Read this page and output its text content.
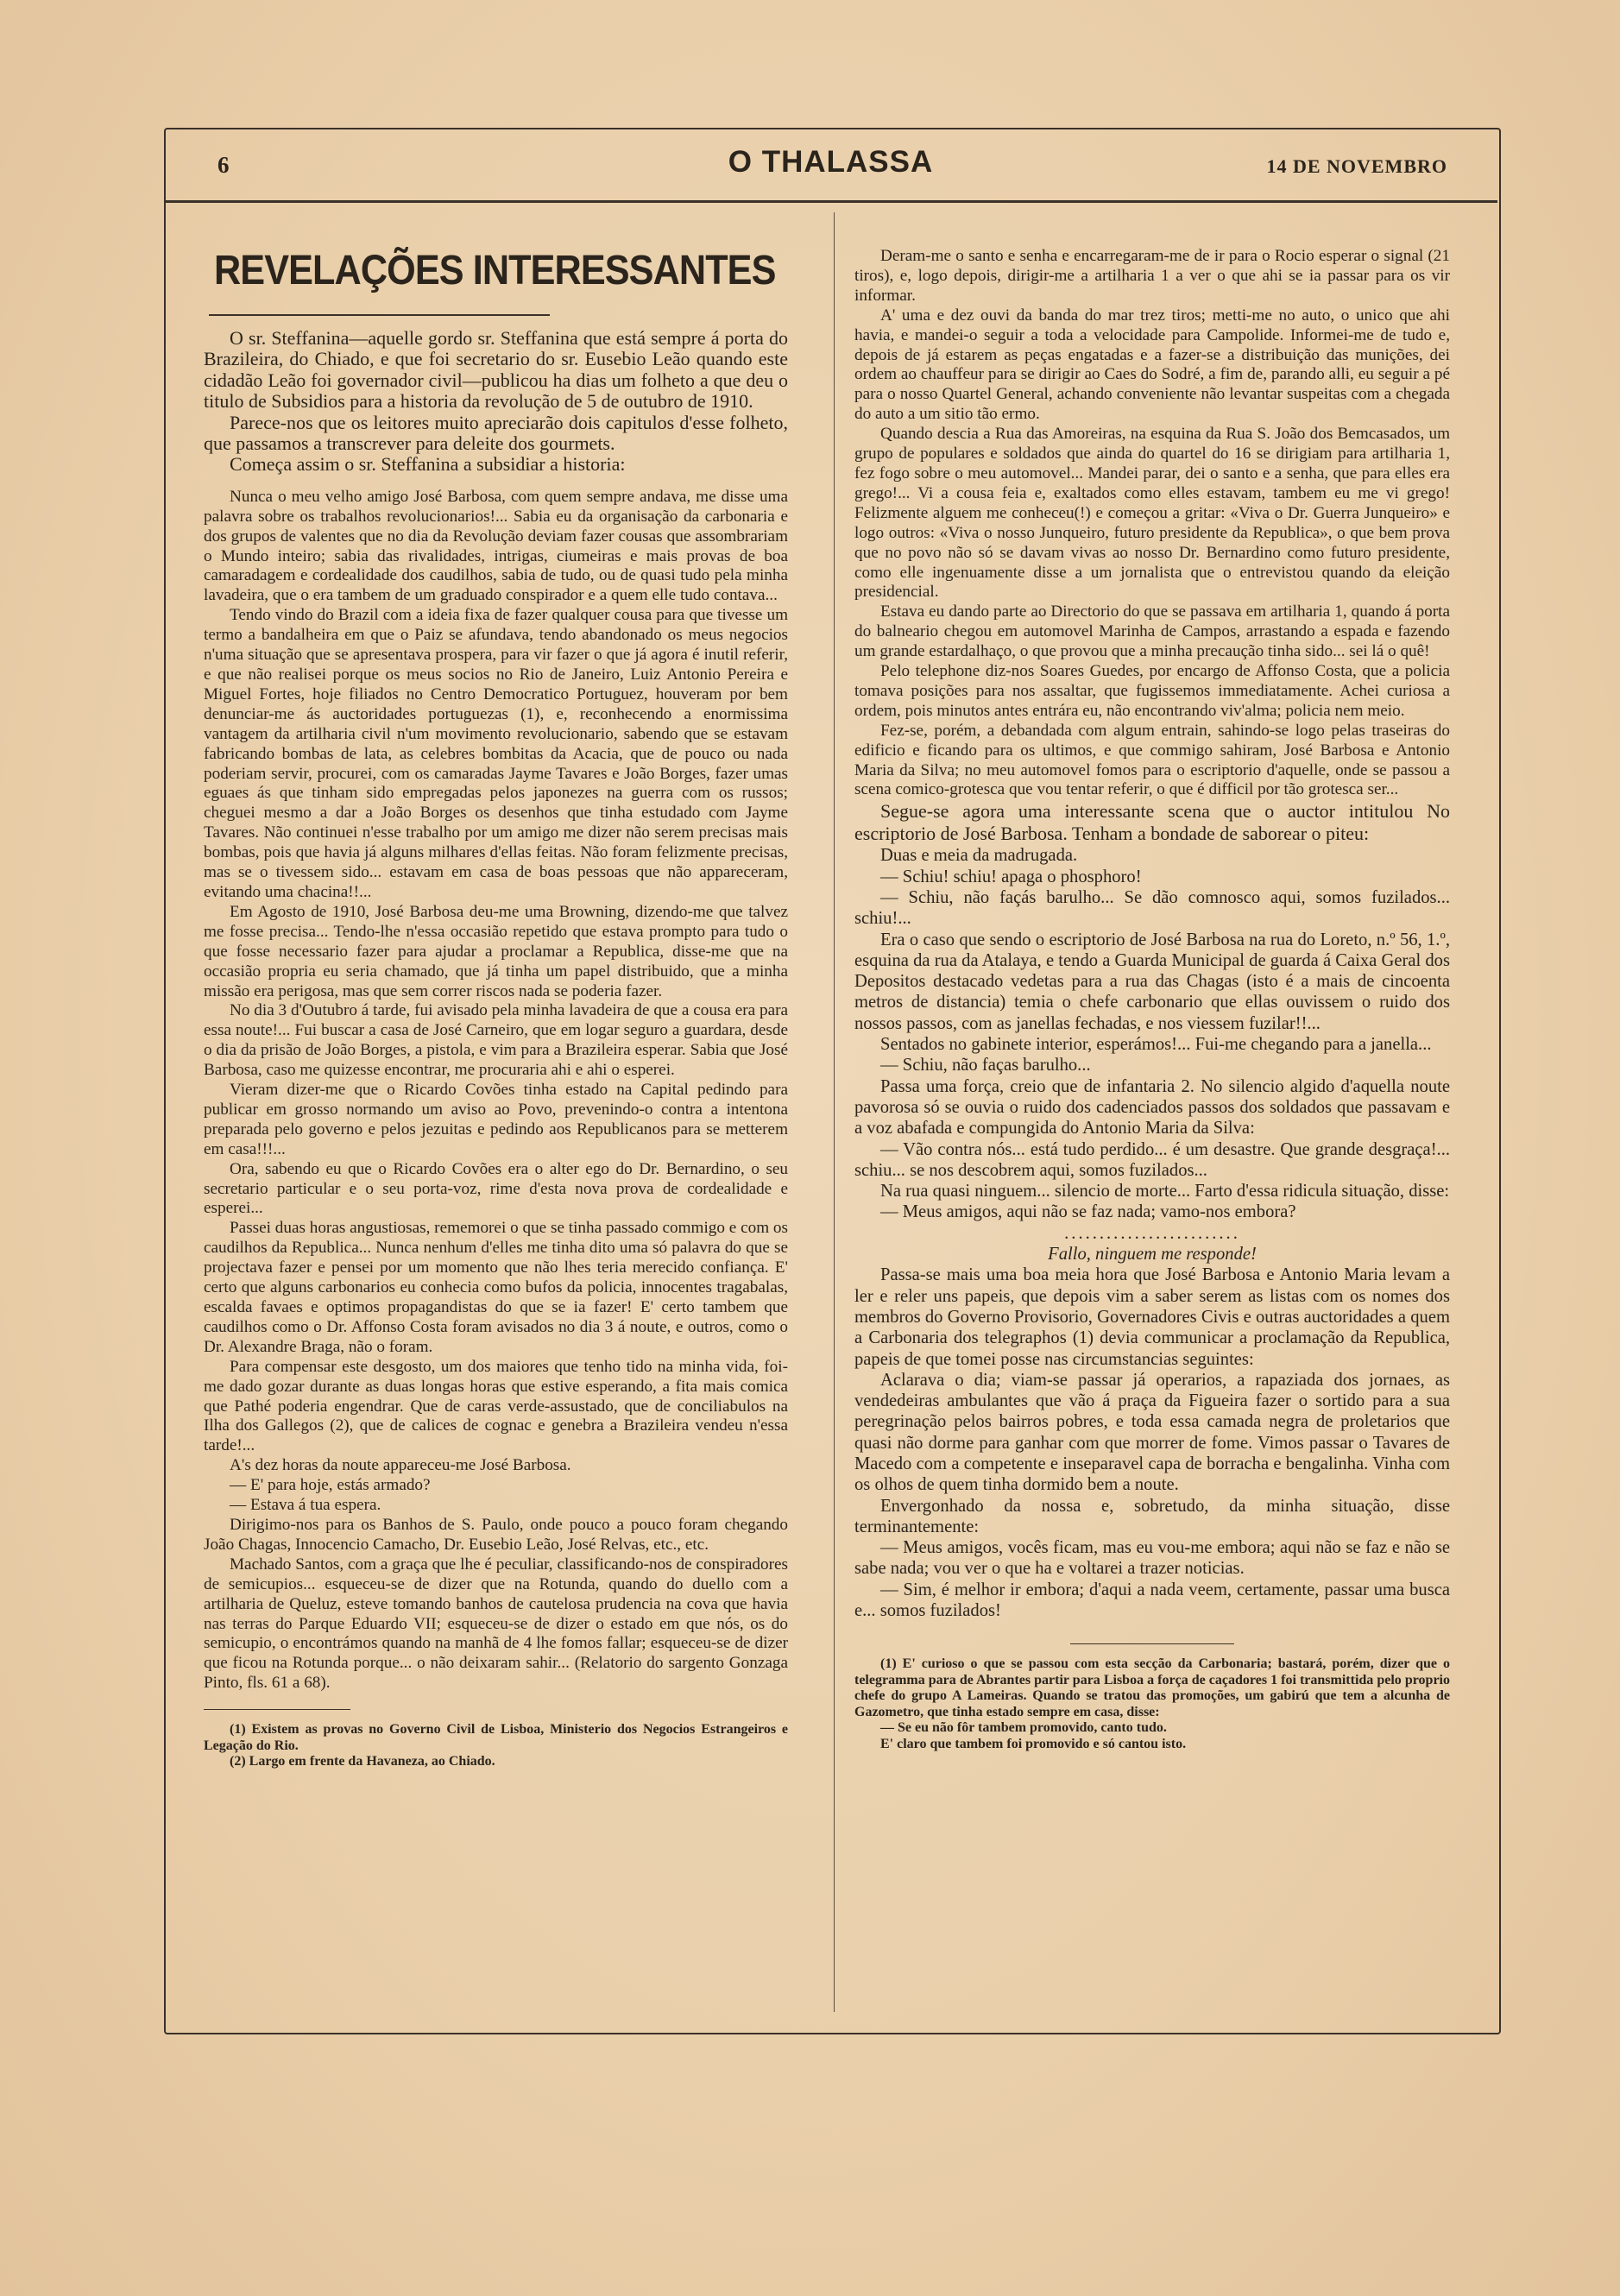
6	O THALASSA	14 DE NOVEMBRO
REVELAÇÕES INTERESSANTES

O sr. Steffanina—aquelle gordo sr. Steffanina que está sempre á porta do Brazileira, do Chiado, e que foi secretario do sr. Eusebio Leão quando este cidadão Leão foi governador civil—publicou ha dias um folheto a que deu o titulo de Subsidios para a historia da revolução de 5 de outubro de 1910.

Parece-nos que os leitores muito apreciarão dois capitulos d'esse folheto, que passamos a transcrever para deleite dos gourmets.

Começa assim o sr. Steffanina a subsidiar a historia:

Nunca o meu velho amigo José Barbosa, com quem sempre andava, me disse uma palavra sobre os trabalhos revolucionarios!... Sabia eu da organisação da carbonaria e dos grupos de valentes que no dia da Revolução deviam fazer cousas que assombrariam o Mundo inteiro; sabia das rivalidades, intrigas, ciumeiras e mais provas de boa camaradagem e cordealidade dos caudilhos, sabia de tudo, ou de quasi tudo pela minha lavadeira, que o era tambem de um graduado conspirador e a quem elle tudo contava...

Tendo vindo do Brazil com a ideia fixa de fazer qualquer cousa para que tivesse um termo a bandalheira em que o Paiz se afundava, tendo abandonado os meus negocios n'uma situação que se apresentava prospera, para vir fazer o que já agora é inutil referir, e que não realisei porque os meus socios no Rio de Janeiro, Luiz Antonio Pereira e Miguel Fortes, hoje filiados no Centro Democratico Portuguez, houveram por bem denunciar-me ás auctoridades portuguezas (1), e, reconhecendo a enormissima vantagem da artilharia civil n'um movimento revolucionario, sabendo que se estavam fabricando bombas de lata, as celebres bombitas da Acacia, que de pouco ou nada poderiam servir, procurei, com os camaradas Jayme Tavares e João Borges, fazer umas eguaes ás que tinham sido empregadas pelos japonezes na guerra com os russos; cheguei mesmo a dar a João Borges os desenhos que tinha estudado com Jayme Tavares. Não continuei n'esse trabalho por um amigo me dizer não serem precisas mais bombas, pois que havia já alguns milhares d'ellas feitas. Não foram felizmente precisas, mas se o tivessem sido... estavam em casa de boas pessoas que não appareceram, evitando uma chacina!!...

Em Agosto de 1910, José Barbosa deu-me uma Browning, dizendo-me que talvez me fosse precisa... Tendo-lhe n'essa occasião repetido que estava prompto para tudo o que fosse necessario fazer para ajudar a proclamar a Republica, disse-me que na occasião propria eu seria chamado, que já tinha um papel distribuido, que a minha missão era perigosa, mas que sem correr riscos nada se poderia fazer.

No dia 3 d'Outubro á tarde, fui avisado pela minha lavadeira de que a cousa era para essa noute!... Fui buscar a casa de José Carneiro, que em logar seguro a guardara, desde o dia da prisão de João Borges, a pistola, e vim para a Brazileira esperar. Sabia que José Barbosa, caso me quizesse encontrar, me procuraria ahi e ahi o esperei.

Vieram dizer-me que o Ricardo Covões tinha estado na Capital pedindo para publicar em grosso normando um aviso ao Povo, prevenindo-o contra a intentona preparada pelo governo e pelos jezuitas e pedindo aos Republicanos para se metterem em casa!!!...

Ora, sabendo eu que o Ricardo Covões era o alter ego do Dr. Bernardino, o seu secretario particular e o seu porta-voz, rime d'esta nova prova de cordealidade e esperei...

Passei duas horas angustiosas, rememorei o que se tinha passado commigo e com os caudilhos da Republica... Nunca nenhum d'elles me tinha dito uma só palavra do que se projectava fazer e pensei por um momento que não lhes teria merecido confiança. E' certo que alguns carbonarios eu conhecia como bufos da policia, innocentes tragabalas, escalda favaes e optimos propagandistas do que se ia fazer! E' certo tambem que caudilhos como o Dr. Affonso Costa foram avisados no dia 3 á noute, e outros, como o Dr. Alexandre Braga, não o foram.

Para compensar este desgosto, um dos maiores que tenho tido na minha vida, foi-me dado gozar durante as duas longas horas que estive esperando, a fita mais comica que Pathé poderia engendrar. Que de caras verde-assustado, que de conciliabulos na Ilha dos Gallegos (2), que de calices de cognac e genebra a Brazileira vendeu n'essa tarde!...

A's dez horas da noute appareceu-me José Barbosa.

— E' para hoje, estás armado?

— Estava á tua espera.

Dirigimo-nos para os Banhos de S. Paulo, onde pouco a pouco foram chegando João Chagas, Innocencio Camacho, Dr. Eusebio Leão, José Relvas, etc., etc.

Machado Santos, com a graça que lhe é peculiar, classificando-nos de conspiradores de semicupios... esqueceu-se de dizer que na Rotunda, quando do duello com a artilharia de Queluz, esteve tomando banhos de cautelosa prudencia na cova que havia nas terras do Parque Eduardo VII; esqueceu-se de dizer o estado em que nós, os do semicupio, o encontrámos quando na manhã de 4 lhe fomos fallar; esqueceu-se de dizer que ficou na Rotunda porque... o não deixaram sahir... (Relatorio do sargento Gonzaga Pinto, fls. 61 a 68).

(1) Existem as provas no Governo Civil de Lisboa, Ministerio dos Negocios Estrangeiros e Legação do Rio.

(2) Largo em frente da Havaneza, ao Chiado.

Deram-me o santo e senha e encarregaram-me de ir para o Rocio esperar o signal (21 tiros), e, logo depois, dirigir-me a artilharia 1 a ver o que ahi se ia passar para os vir informar.

A' uma e dez ouvi da banda do mar trez tiros; metti-me no auto, o unico que ahi havia, e mandei-o seguir a toda a velocidade para Campolide. Informei-me de tudo e, depois de já estarem as peças engatadas e a fazer-se a distribuição das munições, dei ordem ao chauffeur para se dirigir ao Caes do Sodré, a fim de, parando alli, eu seguir a pé para o nosso Quartel General, achando conveniente não levantar suspeitas com a chegada do auto a um sitio tão ermo.

Quando descia a Rua das Amoreiras, na esquina da Rua S. João dos Bemcasados, um grupo de populares e soldados que ainda do quartel do 16 se dirigiam para artilharia 1, fez fogo sobre o meu automovel... Mandei parar, dei o santo e a senha, que para elles era grego!... Vi a cousa feia e, exaltados como elles estavam, tambem eu me vi grego! Felizmente alguem me conheceu(!) e começou a gritar: «Viva o Dr. Guerra Junqueiro» e logo outros: «Viva o nosso Junqueiro, futuro presidente da Republica», o que bem prova que no povo não só se davam vivas ao nosso Dr. Bernardino como futuro presidente, como elle ingenuamente disse a um jornalista que o entrevistou quando da eleição presidencial.

Estava eu dando parte ao Directorio do que se passava em artilharia 1, quando á porta do balneario chegou em automovel Marinha de Campos, arrastando a espada e fazendo um grande estardalhaço, o que provou que a minha precaução tinha sido... sei lá o quê!

Pelo telephone diz-nos Soares Guedes, por encargo de Affonso Costa, que a policia tomava posições para nos assaltar, que fugissemos immediatamente. Achei curiosa a ordem, pois minutos antes entrára eu, não encontrando viv'alma; policia nem meio.

Fez-se, porém, a debandada com algum entrain, sahindo-se logo pelas traseiras do edificio e ficando para os ultimos, e que commigo sahiram, José Barbosa e Antonio Maria da Silva; no meu automovel fomos para o escriptorio d'aquelle, onde se passou a scena comico-grotesca que vou tentar referir, o que é difficil por tão grotesca ser...

Segue-se agora uma interessante scena que o auctor intitulou No escriptorio de José Barbosa. Tenham a bondade de saborear o piteu:

Duas e meia da madrugada.

— Schiu! schiu! apaga o phosphoro!

— Schiu, não façás barulho... Se dão comnosco aqui, somos fuzilados... schiu!...

Era o caso que sendo o escriptorio de José Barbosa na rua do Loreto, n.º 56, 1.º, esquina da rua da Atalaya, e tendo a Guarda Municipal de guarda á Caixa Geral dos Depositos destacado vedetas para a rua das Chagas (isto é a mais de cincoenta metros de distancia) temia o chefe carbonario que ellas ouvissem o ruido dos nossos passos, com as janellas fechadas, e nos viessem fuzilar!!...

Sentados no gabinete interior, esperámos!... Fui-me chegando para a janella...

— Schiu, não faças barulho...

Passa uma força, creio que de infantaria 2. No silencio algido d'aquella noute pavorosa só se ouvia o ruido dos cadenciados passos dos soldados que passavam e a voz abafada e compungida do Antonio Maria da Silva:

— Vão contra nós... está tudo perdido... é um desastre. Que grande desgraça!... schiu... se nos descobrem aqui, somos fuzilados...

Na rua quasi ninguem... silencio de morte... Farto d'essa ridicula situação, disse:

— Meus amigos, aqui não se faz nada; vamo-nos embora?

.........................

Fallo, ninguem me responde!

Passa-se mais uma boa meia hora que José Barbosa e Antonio Maria levam a ler e reler uns papeis, que depois vim a saber serem as listas com os nomes dos membros do Governo Provisorio, Governadores Civis e outras auctoridades a quem a Carbonaria dos telegraphos (1) devia communicar a proclamação da Republica, papeis de que tomei posse nas circumstancias seguintes:

Aclarava o dia; viam-se passar já operarios, a rapaziada dos jornaes, as vendedeiras ambulantes que vão á praça da Figueira fazer o sortido para a sua peregrinação pelos bairros pobres, e toda essa camada negra de proletarios que quasi não dorme para ganhar com que morrer de fome. Vimos passar o Tavares de Macedo com a competente e inseparavel capa de borracha e bengalinha. Vinha com os olhos de quem tinha dormido bem a noute.

Envergonhado da nossa e, sobretudo, da minha situação, disse terminantemente:

— Meus amigos, vocês ficam, mas eu vou-me embora; aqui não se faz e não se sabe nada; vou ver o que ha e voltarei a trazer noticias.

— Sim, é melhor ir embora; d'aqui a nada veem, certamente, passar uma busca e... somos fuzilados!

(1) E' curioso o que se passou com esta secção da Carbonaria; bastará, porém, dizer que o telegramma para de Abrantes partir para Lisboa a força de caçadores 1 foi transmittida pelo proprio chefe do grupo A Lameiras. Quando se tratou das promoções, um gabirú que tem a alcunha de Gazometro, que tinha estado sempre em casa, disse:

— Se eu não fôr tambem promovido, canto tudo.

E' claro que tambem foi promovido e só cantou isto.
